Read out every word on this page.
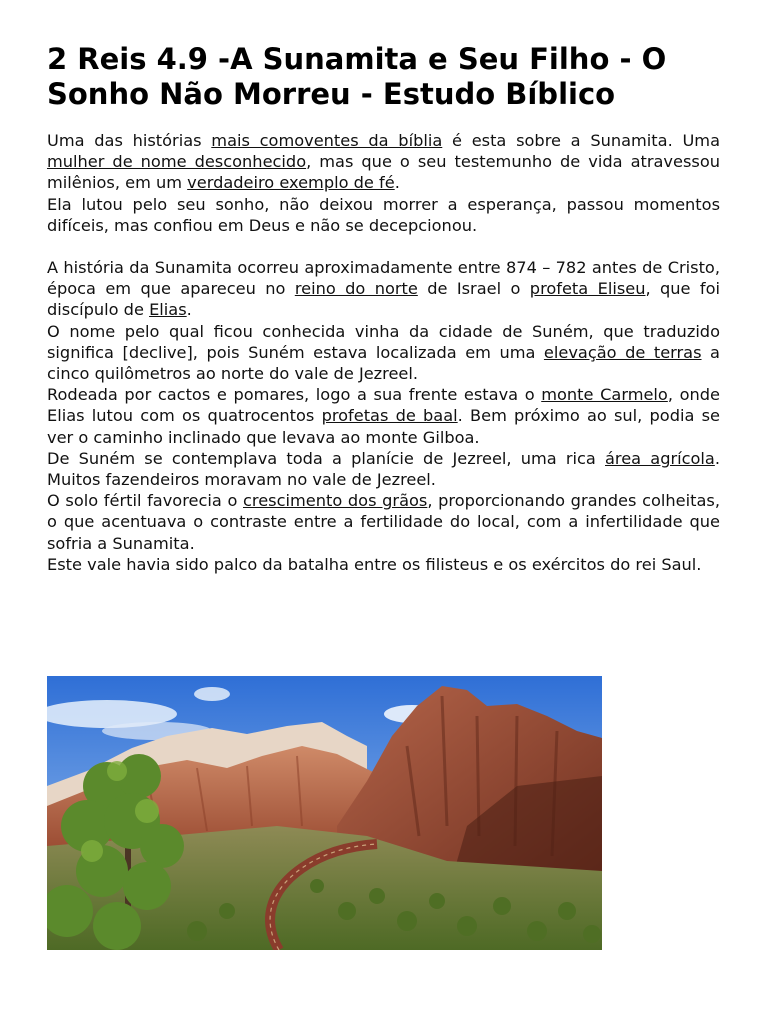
2 Reis 4.9 -A Sunamita e Seu Filho - O Sonho Não Morreu - Estudo Bíblico

Uma das histórias mais comoventes da bíblia é esta sobre a Sunamita. Uma mulher de nome desconhecido, mas que o seu testemunho de vida atravessou milênios, em um verdadeiro exemplo de fé.

Ela lutou pelo seu sonho, não deixou morrer a esperança, passou momentos difíceis, mas confiou em Deus e não se decepcionou.

A história da Sunamita ocorreu aproximadamente entre 874 – 782 antes de Cristo, época em que apareceu no reino do norte de Israel o profeta Eliseu, que foi discípulo de Elias.

O nome pelo qual ficou conhecida vinha da cidade de Suném, que traduzido significa [declive], pois Suném estava localizada em uma elevação de terras a cinco quilômetros ao norte do vale de Jezreel.

Rodeada por cactos e pomares, logo a sua frente estava o monte Carmelo, onde Elias lutou com os quatrocentos profetas de baal. Bem próximo ao sul, podia se ver o caminho inclinado que levava ao monte Gilboa.

De Suném se contemplava toda a planície de Jezreel, uma rica área agrícola. Muitos fazendeiros moravam no vale de Jezreel.

O solo fértil favorecia o crescimento dos grãos, proporcionando grandes colheitas, o que acentuava o contraste entre a fertilidade do local, com a infertilidade que sofria a Sunamita.

Este vale havia sido palco da batalha entre os filisteus e os exércitos do rei Saul.
